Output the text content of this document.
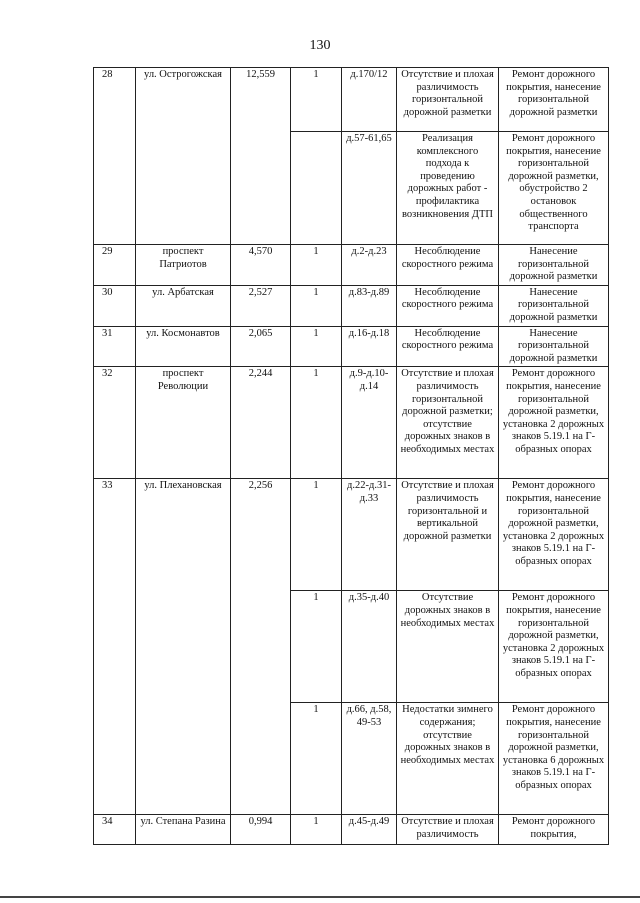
130
28	ул. Острогожская	12,559	1	д.170/12	Отсутствие и плохая различимость горизонтальной дорожной разметки	Ремонт дорожного покрытия, нанесение горизонтальной дорожной разметки
				д.57-61,65	Реализация комплексного подхода к проведению дорожных работ - профилактика возникновения ДТП	Ремонт дорожного покрытия, нанесение горизонтальной дорожной разметки, обустройство 2 остановок общественного транспорта
29	проспект Патриотов	4,570	1	д.2-д.23	Несоблюдение скоростного режима	Нанесение горизонтальной дорожной разметки
30	ул. Арбатская	2,527	1	д.83-д.89	Несоблюдение скоростного режима	Нанесение горизонтальной дорожной разметки
31	ул. Космонавтов	2,065	1	д.16-д.18	Несоблюдение скоростного режима	Нанесение горизонтальной дорожной разметки
32	проспект Революции	2,244	1	д.9-д.10-д.14	Отсутствие и плохая различимость горизонтальной дорожной разметки; отсутствие дорожных знаков в необходимых местах	Ремонт дорожного покрытия, нанесение горизонтальной дорожной разметки, установка 2 дорожных знаков 5.19.1 на Г-образных опорах
33	ул. Плехановская	2,256	1	д.22-д.31-д.33	Отсутствие и плохая различимость горизонтальной и вертикальной дорожной разметки	Ремонт дорожного покрытия, нанесение горизонтальной дорожной разметки, установка 2 дорожных знаков 5.19.1 на Г-образных опорах
			1	д.35-д.40	Отсутствие дорожных знаков в необходимых местах	Ремонт дорожного покрытия, нанесение горизонтальной дорожной разметки, установка 2 дорожных знаков 5.19.1 на Г-образных опорах
			1	д.66, д.58, 49-53	Недостатки зимнего содержания; отсутствие дорожных знаков в необходимых местах	Ремонт дорожного покрытия, нанесение горизонтальной дорожной разметки, установка 6 дорожных знаков 5.19.1 на Г-образных опорах
34	ул. Степана Разина	0,994	1	д.45-д.49	Отсутствие и плохая различимость	Ремонт дорожного покрытия,
